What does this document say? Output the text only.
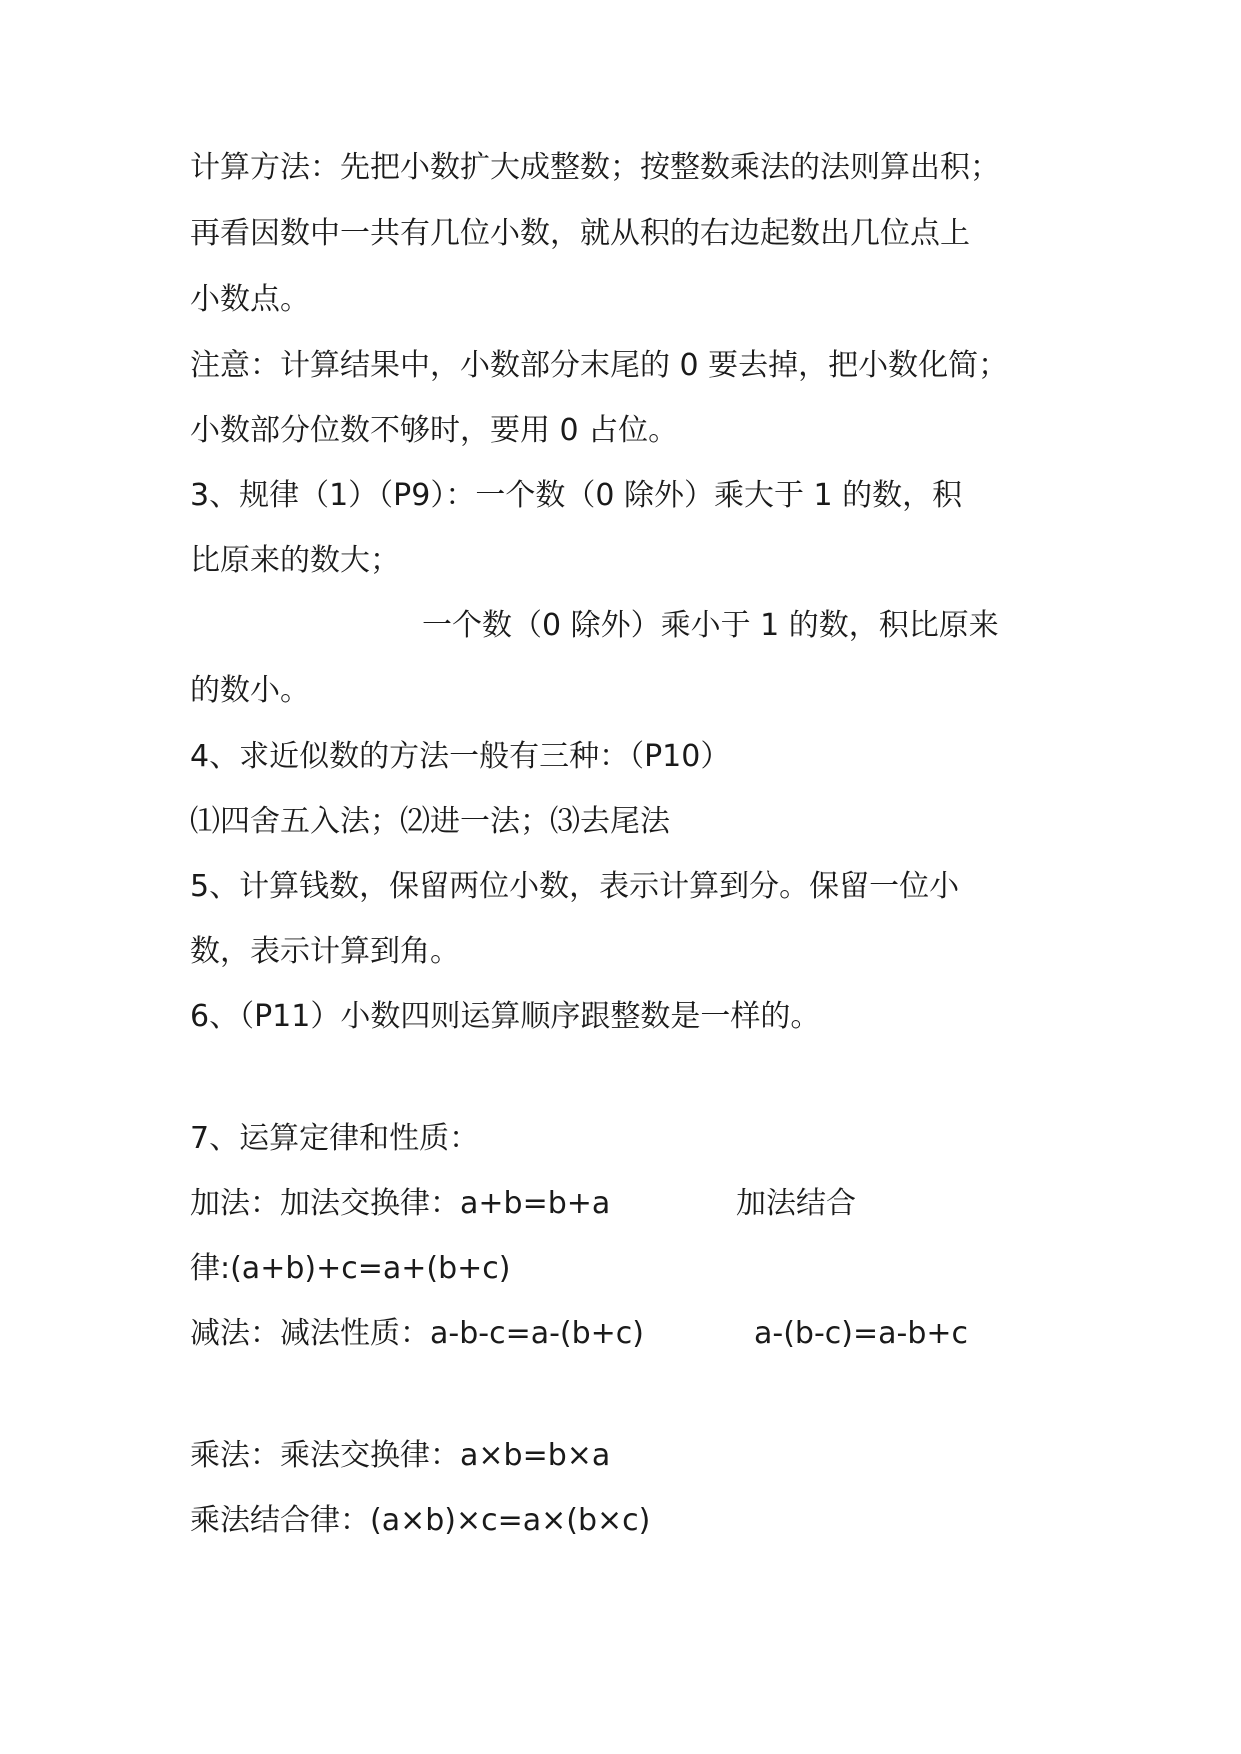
计算方法：先把小数扩大成整数；按整数乘法的法则算出积；
再看因数中一共有几位小数，就从积的右边起数出几位点上
小数点。
注意：计算结果中，小数部分末尾的 0 要去掉，把小数化简；
小数部分位数不够时，要用 0 占位。
3、规律（1）（P9）：一个数（0 除外）乘大于 1 的数，积
比原来的数大；
一个数（0 除外）乘小于 1 的数，积比原来
的数小。
4、求近似数的方法一般有三种：（P10）
⑴四舍五入法；⑵进一法；⑶去尾法
5、计算钱数，保留两位小数，表示计算到分。保留一位小
数，表示计算到角。
6、（P11）小数四则运算顺序跟整数是一样的。
7、运算定律和性质：
加法：加法交换律：a+b=b+a	加法结合
律:(a+b)+c=a+(b+c)
减法：减法性质：a-b-c=a-(b+c)	a-(b-c)=a-b+c
乘法：乘法交换律：a×b=b×a
乘法结合律：(a×b)×c=a×(b×c)
